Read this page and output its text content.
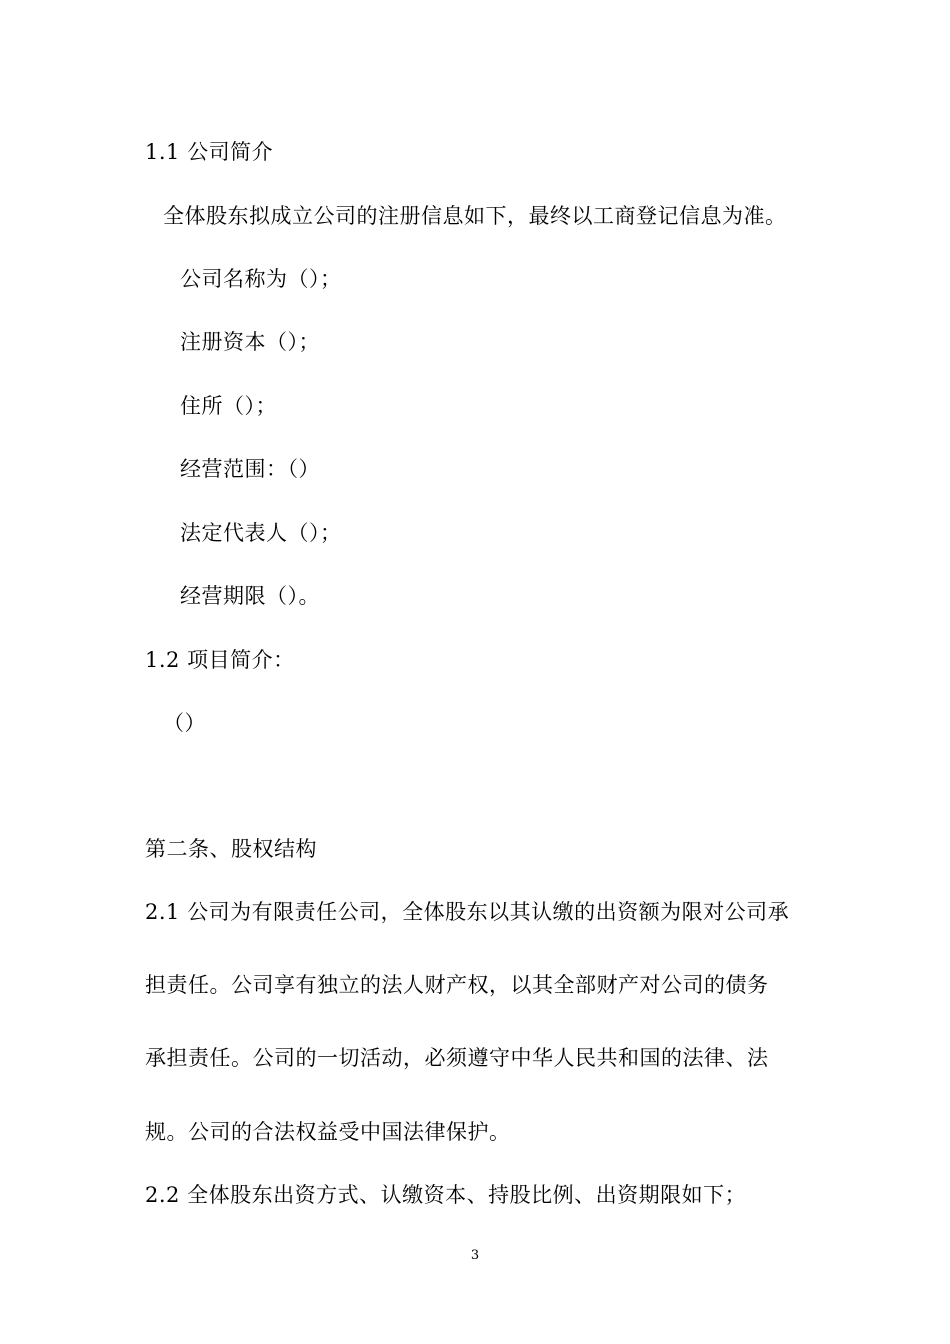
1.1 公司简介
全体股东拟成立公司的注册信息如下，最终以工商登记信息为准。
公司名称为（）；
注册资本（）；
住所（）；
经营范围：（）
法定代表人（）；
经营期限（）。
1.2 项目简介：
（）
第二条、股权结构
2.1 公司为有限责任公司，全体股东以其认缴的出资额为限对公司承
担责任。公司享有独立的法人财产权，以其全部财产对公司的债务
承担责任。公司的一切活动，必须遵守中华人民共和国的法律、法
规。公司的合法权益受中国法律保护。
2.2 全体股东出资方式、认缴资本、持股比例、出资期限如下；
3
